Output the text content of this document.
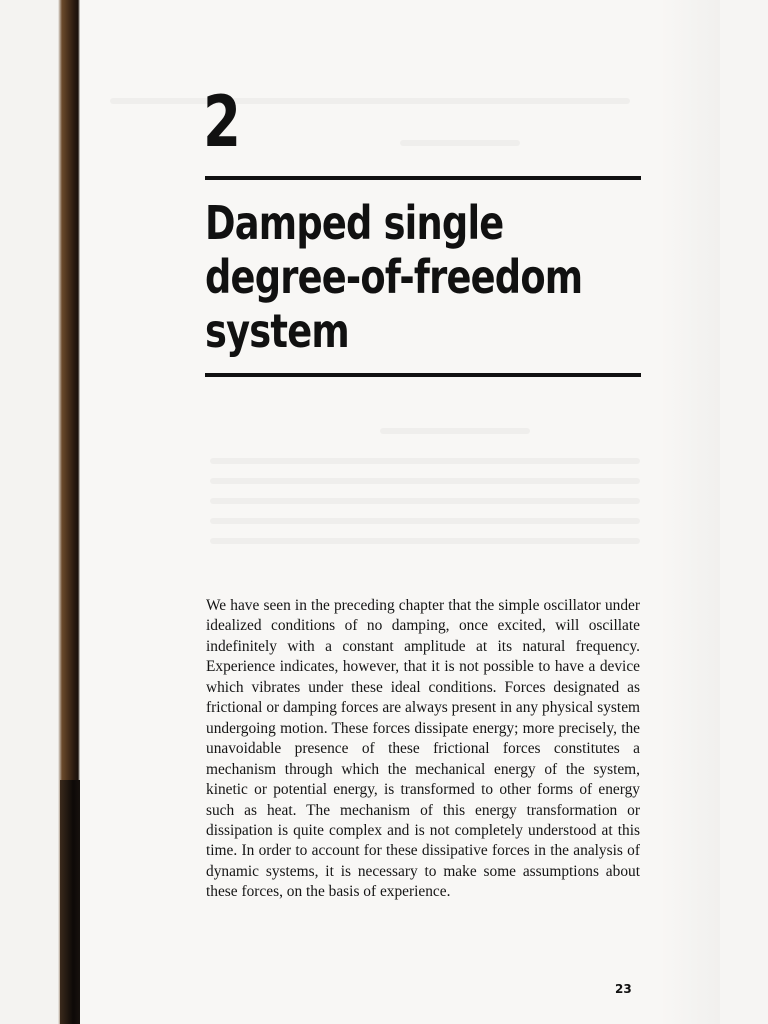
2
Damped single
degree-of-freedom
system

We have seen in the preceding chapter that the simple oscillator under idealized conditions of no damping, once excited, will oscillate indefinitely with a constant amplitude at its natural frequency. Experience indicates, however, that it is not possible to have a device which vibrates under these ideal conditions. Forces designated as frictional or damping forces are always present in any physical system undergoing motion. These forces dissipate energy; more precisely, the unavoidable presence of these frictional forces constitutes a mechanism through which the mechanical energy of the system, kinetic or potential energy, is transformed to other forms of energy such as heat. The mechanism of this energy transformation or dissipation is quite complex and is not completely understood at this time. In order to account for these dissipative forces in the analysis of dynamic systems, it is necessary to make some assumptions about these forces, on the basis of experience.

23
